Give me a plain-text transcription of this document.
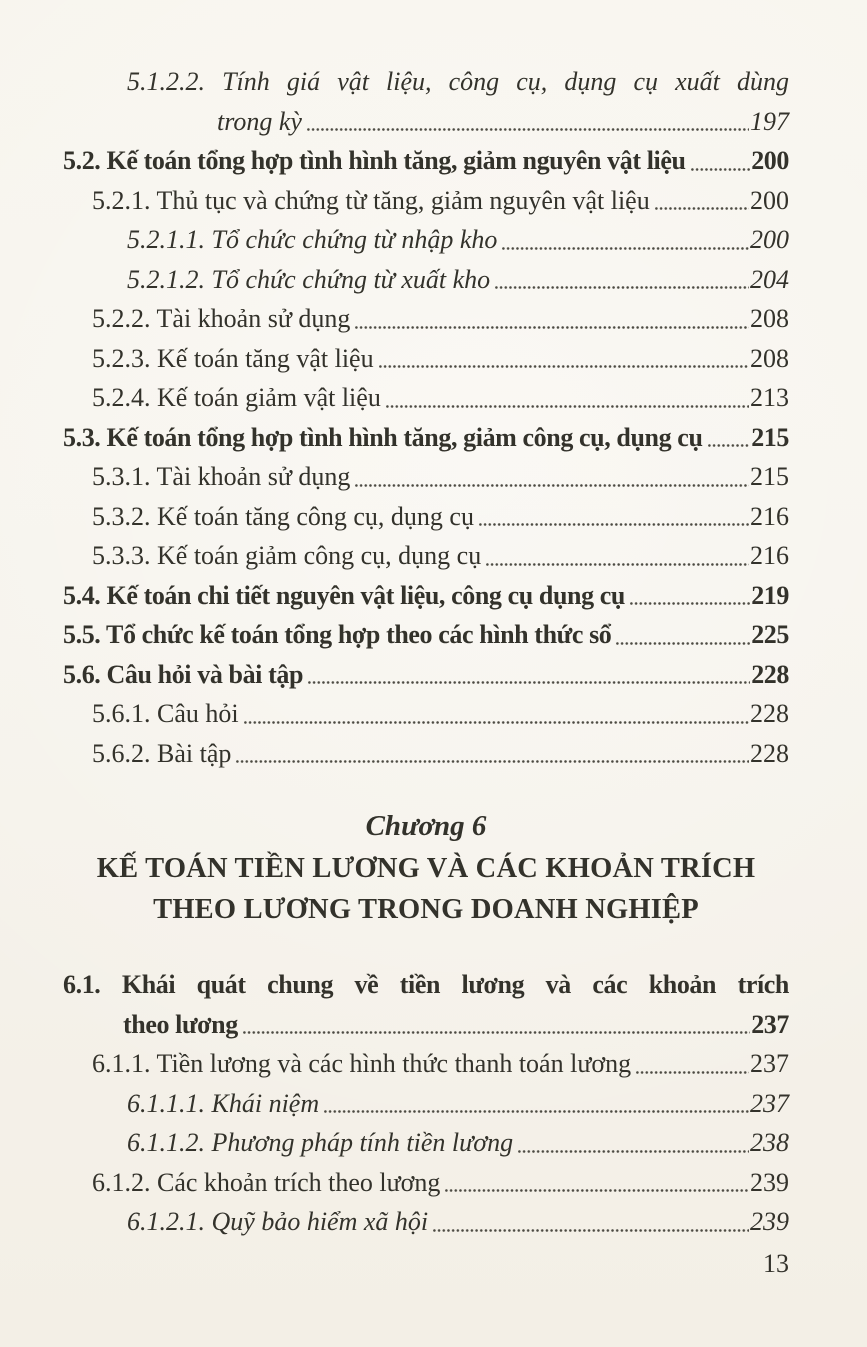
5.1.2.2. Tính giá vật liệu, công cụ, dụng cụ xuất dùng
trong kỳ	197
5.2. Kế toán tổng hợp tình hình tăng, giảm nguyên vật liệu	200
5.2.1. Thủ tục và chứng từ tăng, giảm nguyên vật liệu	200
5.2.1.1. Tổ chức chứng từ nhập kho	200
5.2.1.2. Tổ chức chứng từ xuất kho	204
5.2.2. Tài khoản sử dụng	208
5.2.3. Kế toán tăng vật liệu	208
5.2.4. Kế toán giảm vật liệu	213
5.3. Kế toán tổng hợp tình hình tăng, giảm công cụ, dụng cụ 215
5.3.1. Tài khoản sử dụng	215
5.3.2. Kế toán tăng công cụ, dụng cụ	216
5.3.3. Kế toán giảm công cụ, dụng cụ	216
5.4. Kế toán chi tiết nguyên vật liệu, công cụ dụng cụ	219
5.5. Tổ chức kế toán tổng hợp theo các hình thức sổ	225
5.6. Câu hỏi và bài tập	228
5.6.1. Câu hỏi	228
5.6.2. Bài tập	228
Chương 6
KẾ TOÁN TIỀN LƯƠNG VÀ CÁC KHOẢN TRÍCH
THEO LƯƠNG TRONG DOANH NGHIỆP
6.1. Khái quát chung về tiền lương và các khoản trích
theo lương	237
6.1.1. Tiền lương và các hình thức thanh toán lương	237
6.1.1.1. Khái niệm	237
6.1.1.2. Phương pháp tính tiền lương	238
6.1.2. Các khoản trích theo lương	239
6.1.2.1. Quỹ bảo hiểm xã hội	239
13
